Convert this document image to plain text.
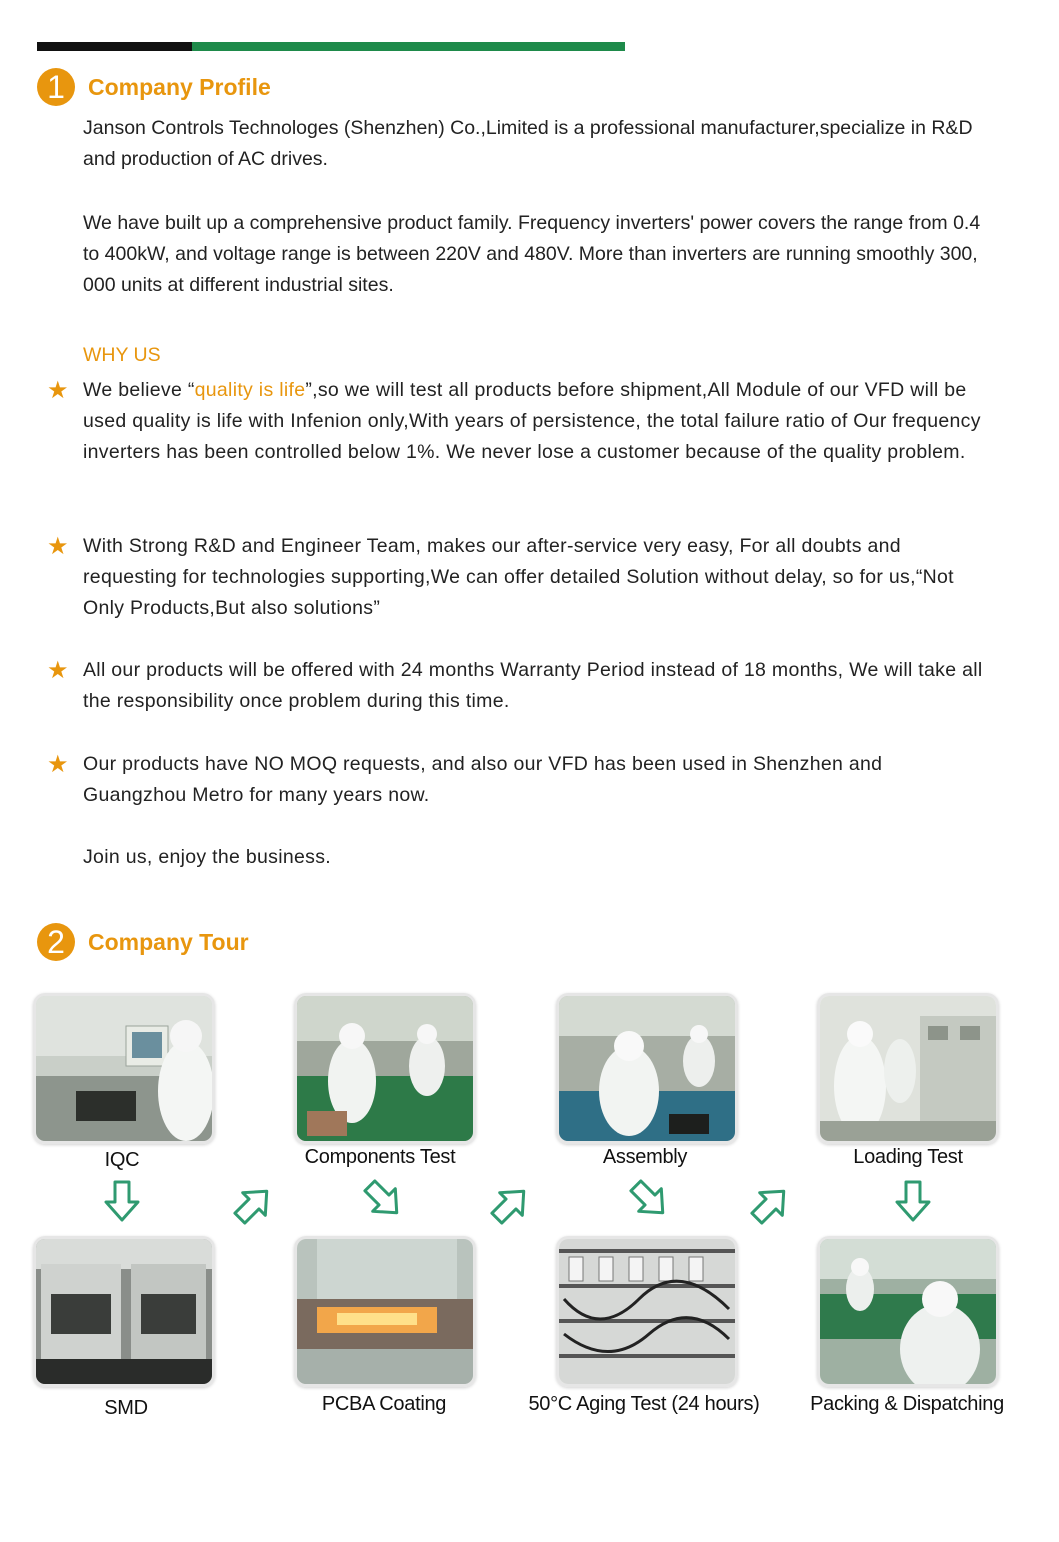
1	Company Profile
Janson Controls Technologes (Shenzhen) Co.,Limited is a professional manufacturer,specialize in R&D and production of AC drives.
We have built up a comprehensive product family. Frequency inverters' power covers the range from 0.4 to 400kW, and voltage range is between 220V and 480V. More than inverters are running smoothly 300, 000 units at different industrial sites.
WHY US
★ We believe “quality is life”,so we will test all products before shipment,All Module of our VFD will be used quality is life with Infenion only,With years of persistence, the total failure ratio of Our frequency inverters has been controlled below 1%. We never lose a customer because of the quality problem.
★ With Strong R&D and Engineer Team, makes our after-service very easy, For all doubts and requesting for technologies supporting,We can offer detailed Solution without delay, so for us,“Not Only Products,But also solutions”
★ All our products will be offered with 24 months Warranty Period instead of 18 months, We will take all the responsibility once problem during this time.
★ Our products have NO MOQ requests, and also our VFD has been used in Shenzhen and Guangzhou Metro for many years now.
Join us, enjoy the business.
2	Company Tour
IQC	Components Test	Assembly	Loading Test
SMD	PCBA Coating	50°C Aging Test (24 hours)	Packing & Dispatching
